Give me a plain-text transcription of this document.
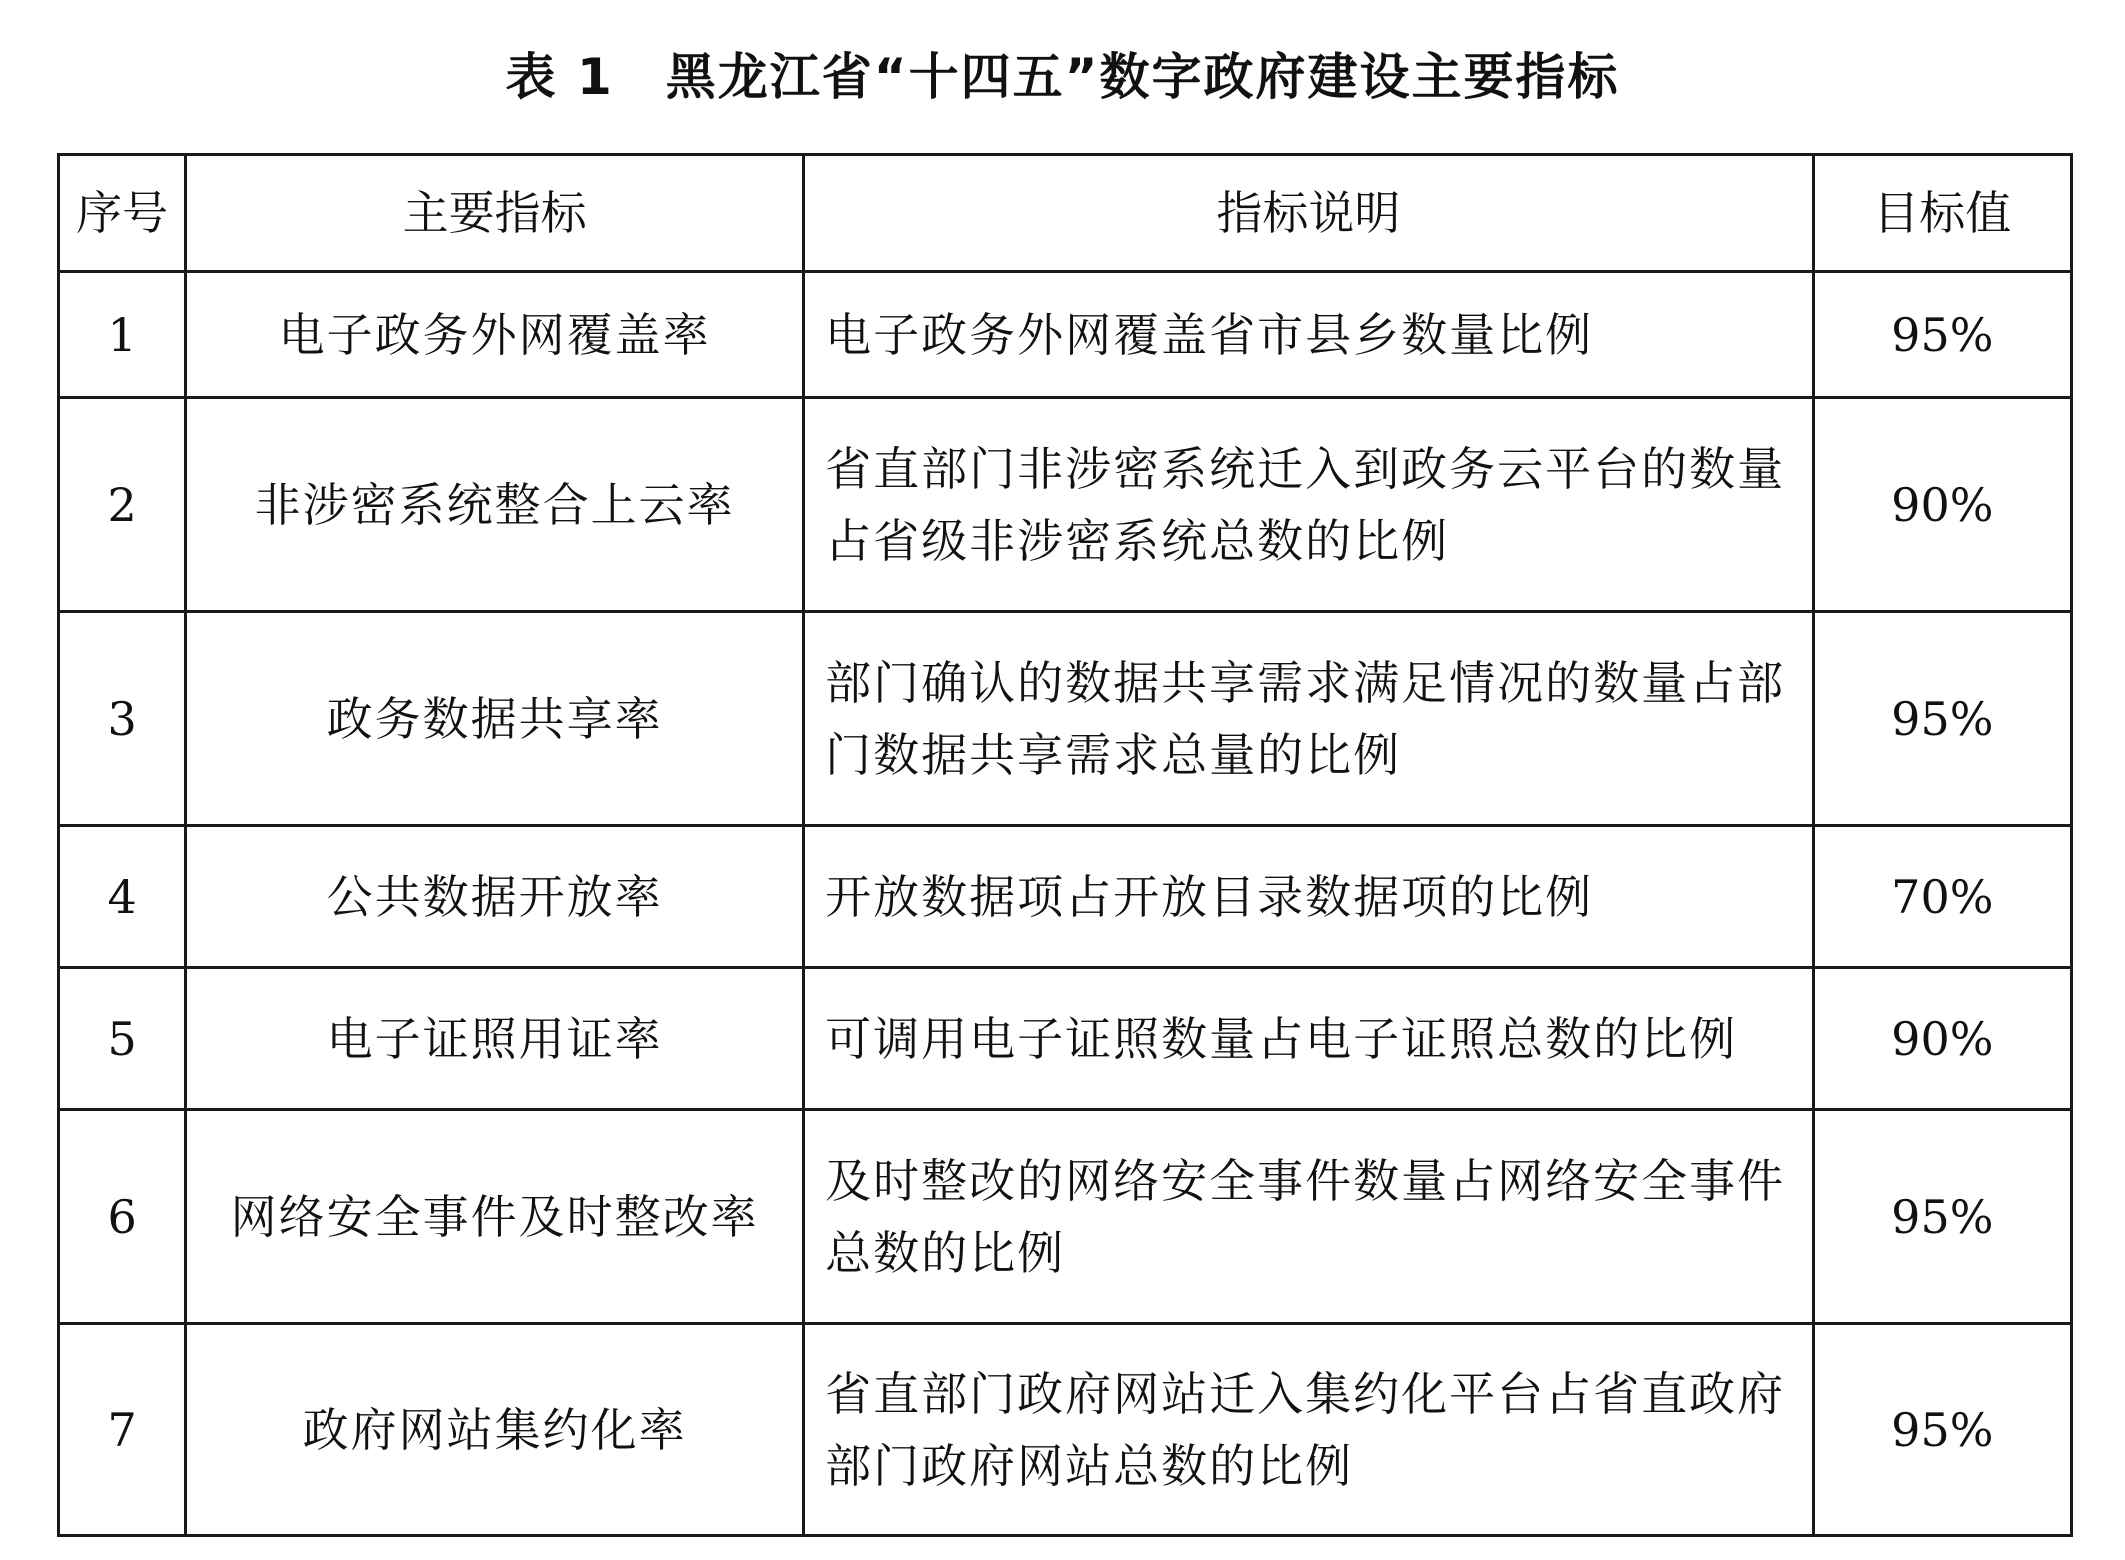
表 1　黑龙江省“十四五”数字政府建设主要指标
序号	主要指标	指标说明	目标值
1	电子政务外网覆盖率	电子政务外网覆盖省市县乡数量比例	95%
2	非涉密系统整合上云率	省直部门非涉密系统迁入到政务云平台的数量占省级非涉密系统总数的比例	90%
3	政务数据共享率	部门确认的数据共享需求满足情况的数量占部门数据共享需求总量的比例	95%
4	公共数据开放率	开放数据项占开放目录数据项的比例	70%
5	电子证照用证率	可调用电子证照数量占电子证照总数的比例	90%
6	网络安全事件及时整改率	及时整改的网络安全事件数量占网络安全事件总数的比例	95%
7	政府网站集约化率	省直部门政府网站迁入集约化平台占省直政府部门政府网站总数的比例	95%
